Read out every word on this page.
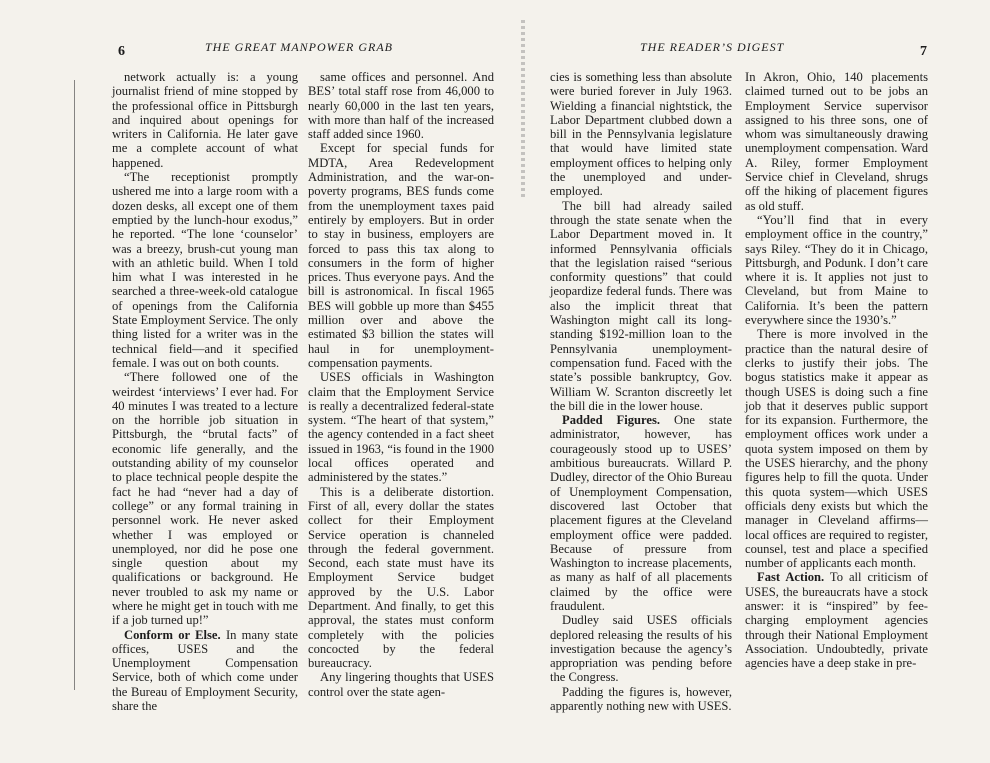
6	THE GREAT MANPOWER GRAB

network actually is: a young journalist friend of mine stopped by the professional office in Pittsburgh and inquired about openings for writers in California. He later gave me a complete account of what happened.

“The receptionist promptly ushered me into a large room with a dozen desks, all except one of them emptied by the lunch-hour exodus,” he reported. “The lone ‘counselor’ was a breezy, brush-cut young man with an athletic build. When I told him what I was interested in he searched a three-week-old catalogue of openings from the California State Employment Service. The only thing listed for a writer was in the technical field—and it specified female. I was out on both counts.

“There followed one of the weirdest ‘interviews’ I ever had. For 40 minutes I was treated to a lecture on the horrible job situation in Pittsburgh, the “brutal facts” of economic life generally, and the outstanding ability of my counselor to place technical people despite the fact he had “never had a day of college” or any formal training in personnel work. He never asked whether I was employed or unemployed, nor did he pose one single question about my qualifications or background. He never troubled to ask my name or where he might get in touch with me if a job turned up!”

Conform or Else. In many state offices, USES and the Unemployment Compensation Service, both of which come under the Bureau of Employment Security, share the

same offices and personnel. And BES’ total staff rose from 46,000 to nearly 60,000 in the last ten years, with more than half of the increased staff added since 1960.

Except for special funds for MDTA, Area Redevelopment Administration, and the war-on-poverty programs, BES funds come from the unemployment taxes paid entirely by employers. But in order to stay in business, employers are forced to pass this tax along to consumers in the form of higher prices. Thus everyone pays. And the bill is astronomical. In fiscal 1965 BES will gobble up more than $455 million over and above the estimated $3 billion the states will haul in for unemployment-compensation payments.

USES officials in Washington claim that the Employment Service is really a decentralized federal-state system. “The heart of that system,” the agency contended in a fact sheet issued in 1963, “is found in the 1900 local offices operated and administered by the states.”

This is a deliberate distortion. First of all, every dollar the states collect for their Employment Service operation is channeled through the federal government. Second, each state must have its Employment Service budget approved by the U.S. Labor Department. And finally, to get this approval, the states must conform completely with the policies concocted by the federal bureaucracy.

Any lingering thoughts that USES control over the state agen-

THE READER’S DIGEST	7

cies is something less than absolute were buried forever in July 1963. Wielding a financial nightstick, the Labor Department clubbed down a bill in the Pennsylvania legislature that would have limited state employment offices to helping only the unemployed and under-employed.

The bill had already sailed through the state senate when the Labor Department moved in. It informed Pennsylvania officials that the legislation raised “serious conformity questions” that could jeopardize federal funds. There was also the implicit threat that Washington might call its long-standing $192-million loan to the Pennsylvania unemployment-compensation fund. Faced with the state’s possible bankruptcy, Gov. William W. Scranton discreetly let the bill die in the lower house.

Padded Figures. One state administrator, however, has courageously stood up to USES’ ambitious bureaucrats. Willard P. Dudley, director of the Ohio Bureau of Unemployment Compensation, discovered last October that placement figures at the Cleveland employment office were padded. Because of pressure from Washington to increase placements, as many as half of all placements claimed by the office were fraudulent.

Dudley said USES officials deplored releasing the results of his investigation because the agency’s appropriation was pending before the Congress.

Padding the figures is, however, apparently nothing new with USES.

In Akron, Ohio, 140 placements claimed turned out to be jobs an Employment Service supervisor assigned to his three sons, one of whom was simultaneously drawing unemployment compensation. Ward A. Riley, former Employment Service chief in Cleveland, shrugs off the hiking of placement figures as old stuff.

“You’ll find that in every employment office in the country,” says Riley. “They do it in Chicago, Pittsburgh, and Podunk. I don’t care where it is. It applies not just to Cleveland, but from Maine to California. It’s been the pattern everywhere since the 1930’s.”

There is more involved in the practice than the natural desire of clerks to justify their jobs. The bogus statistics make it appear as though USES is doing such a fine job that it deserves public support for its expansion. Furthermore, the employment offices work under a quota system imposed on them by the USES hierarchy, and the phony figures help to fill the quota. Under this quota system—which USES officials deny exists but which the manager in Cleveland affirms—local offices are required to register, counsel, test and place a specified number of applicants each month.

Fast Action. To all criticism of USES, the bureaucrats have a stock answer: it is “inspired” by fee-charging employment agencies through their National Employment Association. Undoubtedly, private agencies have a deep stake in pre-
